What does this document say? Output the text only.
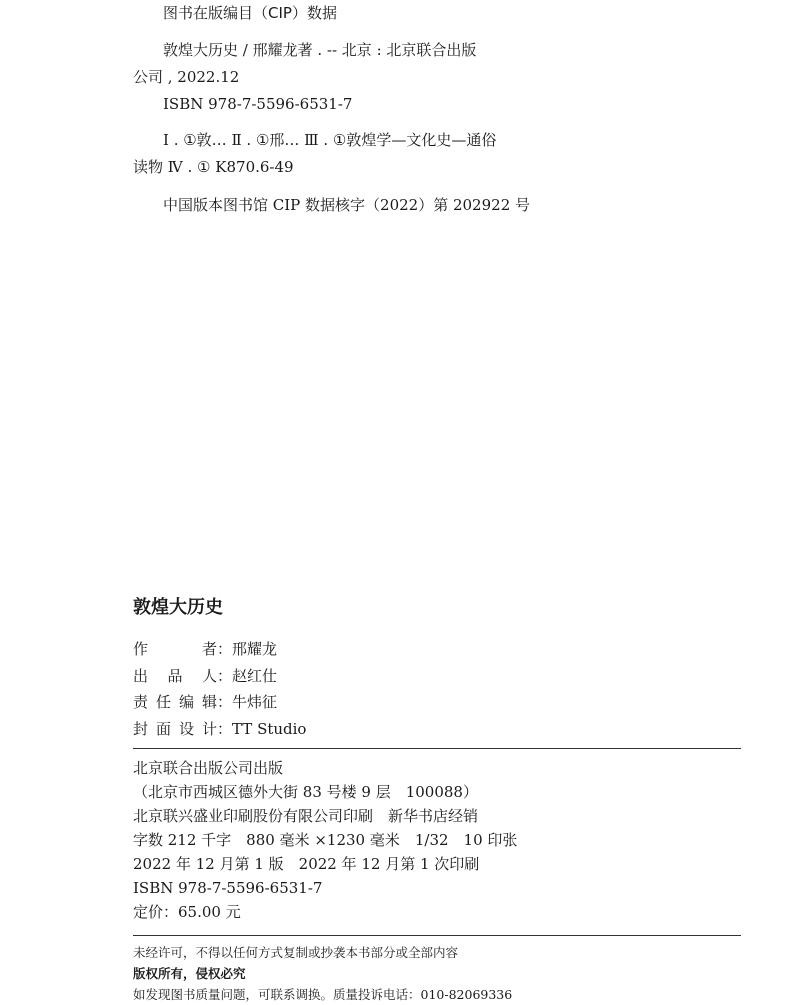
图书在版编目（CIP）数据
敦煌大历史 / 邢耀龙著 . -- 北京 : 北京联合出版
公司 , 2022.12
ISBN 978-7-5596-6531-7
Ⅰ . ①敦… Ⅱ . ①邢… Ⅲ . ①敦煌学—文化史—通俗
读物 Ⅳ . ① K870.6-49
中国版本图书馆 CIP 数据核字（2022）第 202922 号
敦煌大历史
作者 ： 邢耀龙
出品人 ： 赵红仕
责任编辑 ： 牛炜征
封面设计 ： TT Studio
北京联合出版公司出版
（北京市西城区德外大街 83 号楼 9 层　100088）
北京联兴盛业印刷股份有限公司印刷　新华书店经销
字数 212 千字　880 毫米 ×1230 毫米　1/32　10 印张
2022 年 12 月第 1 版　2022 年 12 月第 1 次印刷
ISBN 978-7-5596-6531-7
定价：65.00 元
未经许可，不得以任何方式复制或抄袭本书部分或全部内容
版权所有，侵权必究
如发现图书质量问题，可联系调换。质量投诉电话：010-82069336
